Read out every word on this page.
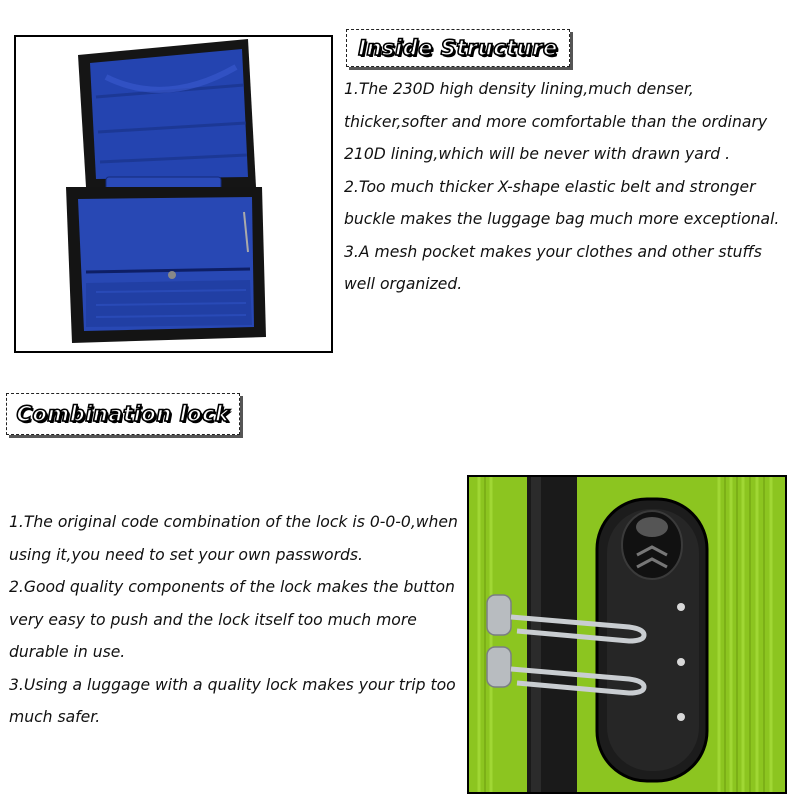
Inside Structure
1.The 230D high density lining,much denser,
thicker,softer and more comfortable than the ordinary
210D lining,which will be never with drawn yard .
2.Too much thicker X-shape elastic belt and stronger
buckle makes the luggage bag much more exceptional.
3.A mesh pocket makes your clothes and other stuffs
well organized.
Combination lock
1.The original code combination of the lock is 0-0-0,when
using it,you need to set your own passwords.
2.Good quality components of the lock makes the button
very easy to push and the lock itself too much more
durable in use.
3.Using a luggage with a quality lock makes your trip too
much safer.
